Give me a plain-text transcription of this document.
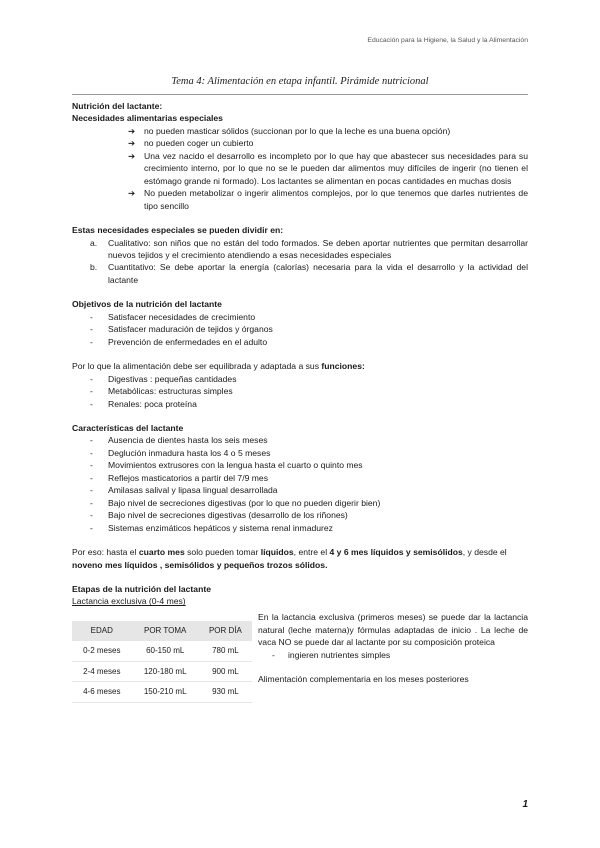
Educación para la Higiene, la Salud y la Alimentación
Tema 4: Alimentación en etapa infantil. Pirámide nutricional

Nutrición del lactante:

Necesidades alimentarias especiales

➔ no pueden masticar sólidos (succionan por lo que la leche es una buena opción)
➔ no pueden coger un cubierto
➔ Una vez nacido el desarrollo es incompleto por lo que hay que abastecer sus necesidades para su crecimiento interno, por lo que no se le pueden dar alimentos muy difíciles de ingerir (no tienen el estómago grande ni formado). Los lactantes se alimentan en pocas cantidades en muchas dosis
➔ No pueden metabolizar o ingerir alimentos complejos, por lo que tenemos que darles nutrientes de tipo sencillo

Estas necesidades especiales se pueden dividir en:

a. Cualitativo: son niños que no están del todo formados. Se deben aportar nutrientes que permitan desarrollar nuevos tejidos y el crecimiento atendiendo a esas necesidades especiales
b. Cuantitativo: Se debe aportar la energía (calorías) necesaria para la vida el desarrollo y la actividad del lactante

Objetivos de la nutrición del lactante

- Satisfacer necesidades de crecimiento
- Satisfacer maduración de tejidos y órganos
- Prevención de enfermedades en el adulto

Por lo que la alimentación debe ser equilibrada y adaptada a sus funciones:

- Digestivas : pequeñas cantidades
- Metabólicas: estructuras simples
- Renales: poca proteína

Características del lactante

- Ausencia de dientes hasta los seis meses
- Deglución inmadura hasta los 4 o 5 meses
- Movimientos extrusores con la lengua hasta el cuarto o quinto mes
- Reflejos masticatorios a partir del 7/9 mes
- Amilasas salival y lipasa lingual desarrollada
- Bajo nivel de secreciones digestivas (por lo que no pueden digerir bien)
- Bajo nivel de secreciones digestivas (desarrollo de los riñones)
- Sistemas enzimáticos hepáticos y sistema renal inmadurez

Por eso: hasta el cuarto mes solo pueden tomar líquidos, entre el 4 y 6 mes líquidos y semisólidos, y desde el noveno mes líquidos , semisólidos y pequeños trozos sólidos.

Etapas de la nutrición del lactante

Lactancia exclusiva (0-4 mes)

EDAD	POR TOMA	POR DÍA
0-2 meses	60-150 mL	780 mL
2-4 meses	120-180 mL	900 mL
4-6 meses	150-210 mL	930 mL

En la lactancia exclusiva (primeros meses) se puede dar la lactancia natural (leche materna)y fórmulas adaptadas de inicio . La leche de vaca NO se puede dar al lactante por su composición proteica

- ingieren nutrientes simples

Alimentación complementaria en los meses posteriores

1
